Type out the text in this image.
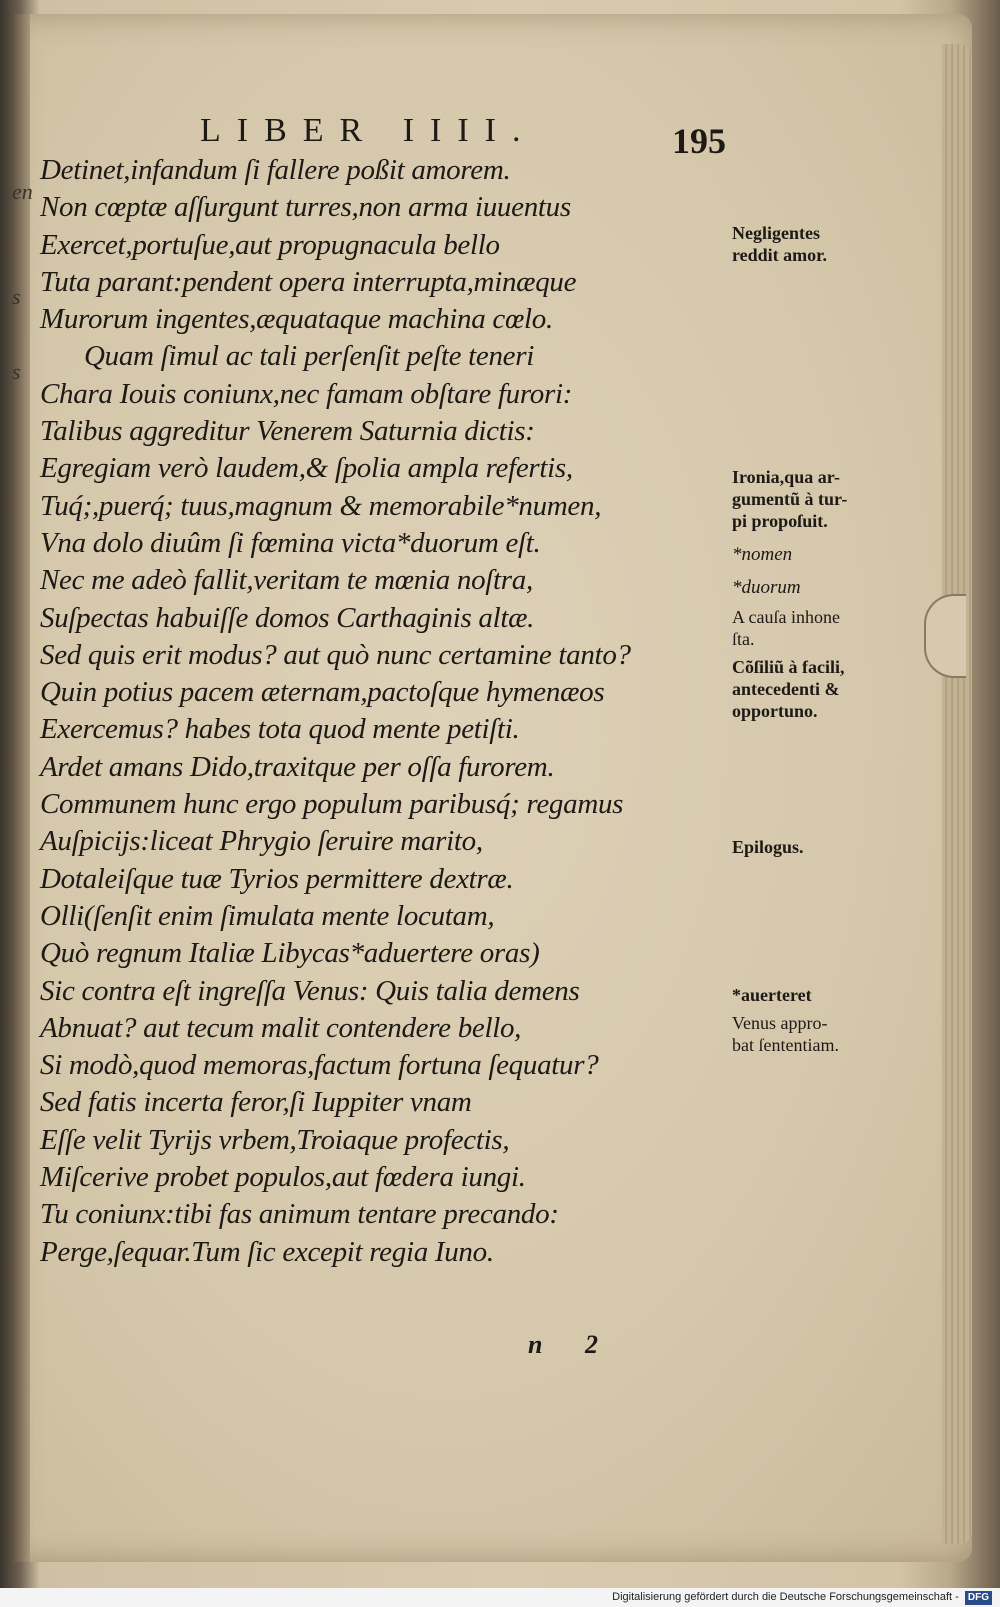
en
s
s
LIBER IIII.	195
Detinet,infandum ſi fallere poßit amorem.
Non cœptæ aſſurgunt turres,non arma iuuentus
Exercet,portuſue,aut propugnacula bello
Tuta parant:pendent opera interrupta,minæque
Murorum ingentes,æquataque machina cœlo.
Quam ſimul ac tali perſenſit peſte teneri
Chara Iouis coniunx,nec famam obſtare furori:
Talibus aggreditur Venerem Saturnia dictis:
Egregiam verò laudem,& ſpolia ampla refertis,
Tuq́;,puerq́; tuus,magnum & memorabile*numen,
Vna dolo diuûm ſi fœmina victa*duorum eſt.
Nec me adeò fallit,veritam te mœnia noſtra,
Suſpectas habuiſſe domos Carthaginis altæ.
Sed quis erit modus? aut quò nunc certamine tanto?
Quin potius pacem æternam,pactoſque hymenæos
Exercemus? habes tota quod mente petiſti.
Ardet amans Dido,traxitque per oſſa furorem.
Communem hunc ergo populum paribusq́; regamus
Auſpicijs:liceat Phrygio ſeruire marito,
Dotaleiſque tuæ Tyrios permittere dextræ.
Olli(ſenſit enim ſimulata mente locutam,
Quò regnum Italiæ Libycas*aduertere oras)
Sic contra eſt ingreſſa Venus: Quis talia demens
Abnuat? aut tecum malit contendere bello,
Si modò,quod memoras,factum fortuna ſequatur?
Sed fatis incerta feror,ſi Iuppiter vnam
Eſſe velit Tyrijs vrbem,Troiaque profectis,
Miſcerive probet populos,aut fœdera iungi.
Tu coniunx:tibi fas animum tentare precando:
Perge,ſequar.Tum ſic excepit regia Iuno.
n 2
Negligentes
reddit amor.
Ironia,qua ar-
gumentũ à tur-
pi propoſuit.
*nomen
*duorum
A cauſa inhone
ſta.
Cõſiliũ à facili,
antecedenti &
opportuno.
Epilogus.
*auerteret
Venus appro-
bat ſententiam.
Digitalisierung gefördert durch die Deutsche Forschungsgemeinschaft - DFG
